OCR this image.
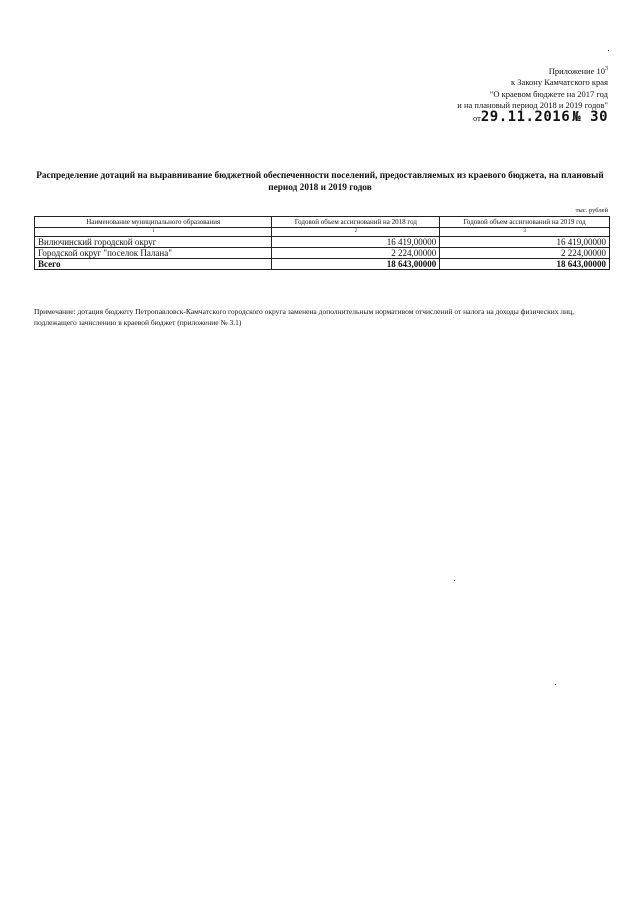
Приложение $10^3$
к Закону Камчатского края
"О краевом бюджете на 2017 год
и на плановый период 2018 и 2019 годов"
от29.11.2016 № 30
Распределение дотаций на выравнивание бюджетной обеспеченности поселений, предоставляемых из краевого бюджета, на плановый период 2018 и 2019 годов
тыс. рублей
Наименование муниципального образования	Годовой объем ассигнований на 2018 год	Годовой объем ассигнований на 2019 год
1	2	3
Вилючинский городской округ	16 419,00000	16 419,00000
Городской округ "поселок Палана"	2 224,00000	2 224,00000
Всего	18 643,00000	18 643,00000
Примечание: дотация бюджету Петропавловск-Камчатского городского округа заменена дополнительным нормативом отчислений от налога на доходы физических лиц, подлежащего зачислению в краевой бюджет (приложение № 3.1)
